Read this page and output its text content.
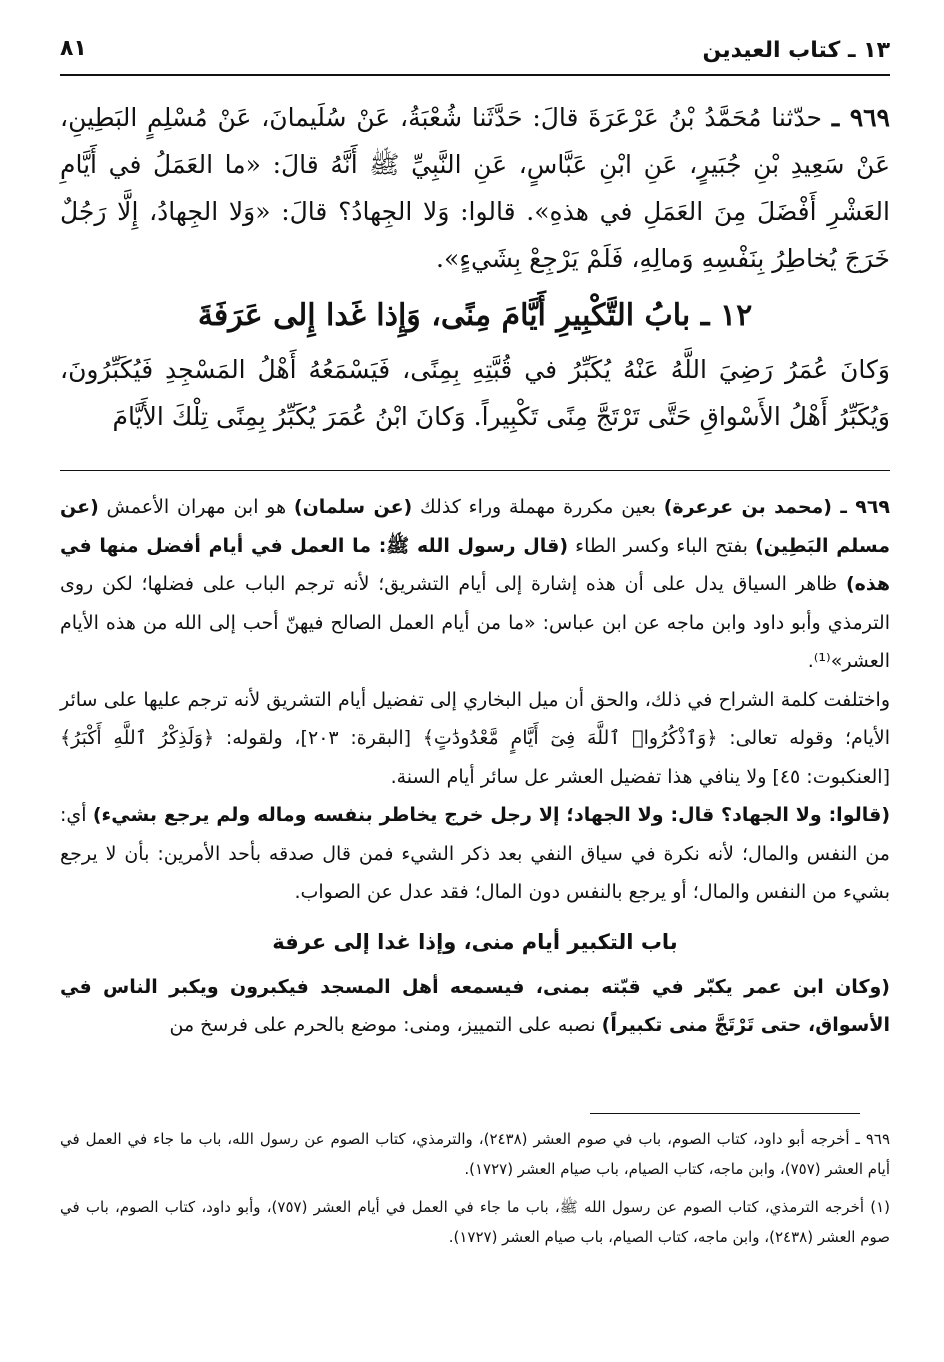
١٣ ـ كتاب العيدين
٨١

٩٦٩ ـ حدّثنا مُحَمَّدُ بْنُ عَرْعَرَةَ قالَ: حَدَّثَنا شُعْبَةُ، عَنْ سُلَيمانَ، عَنْ مُسْلِمٍ البَطِينِ، عَنْ سَعِيدِ بْنِ جُبَيرٍ، عَنِ ابْنِ عَبَّاسٍ، عَنِ النَّبِيِّ ﷺ أَنَّهُ قالَ: «ما العَمَلُ في أَيَّامِ العَشْرِ أَفْضَلَ مِنَ العَمَلِ في هذهِ». قالوا: وَلا الجِهادُ؟ قالَ: «وَلا الجِهادُ، إِلَّا رَجُلٌ خَرَجَ يُخاطِرُ بِنَفْسِهِ وَمالِهِ، فَلَمْ يَرْجِعْ بِشَيءٍ».

١٢ ـ بابُ التَّكْبِيرِ أَيَّامَ مِنًى، وَإِذا غَدا إِلى عَرَفَةَ

وَكانَ عُمَرُ رَضِيَ اللَّهُ عَنْهُ يُكَبِّرُ في قُبَّتِهِ بِمِنًى، فَيَسْمَعُهُ أَهْلُ المَسْجِدِ فَيُكَبِّرُونَ، وَيُكَبِّرُ أَهْلُ الأَسْواقِ حَتَّى تَرْتَجَّ مِنًى تَكْبِيراً. وَكانَ ابْنُ عُمَرَ يُكَبِّرُ بِمِنًى تِلْكَ الأَيَّامَ

٩٦٩ ـ (محمد بن عرعرة) بعين مكررة مهملة وراء كذلك (عن سلمان) هو ابن مهران الأعمش (عن مسلم البَطِين) بفتح الباء وكسر الطاء (قال رسول الله ﷺ: ما العمل في أيام أفضل منها في هذه) ظاهر السياق يدل على أن هذه إشارة إلى أيام التشريق؛ لأنه ترجم الباب على فضلها؛ لكن روى الترمذي وأبو داود وابن ماجه عن ابن عباس: «ما من أيام العمل الصالح فيهنّ أحب إلى الله من هذه الأيام العشر»⁽¹⁾.

واختلفت كلمة الشراح في ذلك، والحق أن ميل البخاري إلى تفضيل أيام التشريق لأنه ترجم عليها على سائر الأيام؛ وقوله تعالى: ﴿وَٱذْكُرُوا۟ ٱللَّهَ فِىٓ أَيَّامٍ مَّعْدُودَٰتٍ﴾ [البقرة: ٢٠٣]، ولقوله: ﴿وَلَذِكْرُ ٱللَّهِ أَكْبَرُ﴾ [العنكبوت: ٤٥] ولا ينافي هذا تفضيل العشر عل سائر أيام السنة.

(قالوا: ولا الجهاد؟ قال: ولا الجهاد؛ إلا رجل خرج يخاطر بنفسه وماله ولم يرجع بشيء) أي: من النفس والمال؛ لأنه نكرة في سياق النفي بعد ذكر الشيء فمن قال صدقه بأحد الأمرين: بأن لا يرجع بشيء من النفس والمال؛ أو يرجع بالنفس دون المال؛ فقد عدل عن الصواب.

باب التكبير أيام منى، وإذا غدا إلى عرفة

(وكان ابن عمر يكبّر في قبّته بمنى، فيسمعه أهل المسجد فيكبرون ويكبر الناس في الأسواق، حتى تَرْتَجَّ منى تكبيراً) نصبه على التمييز، ومنى: موضع بالحرم على فرسخ من

٩٦٩ ـ أخرجه أبو داود، كتاب الصوم، باب في صوم العشر (٢٤٣٨)، والترمذي، كتاب الصوم عن رسول الله، باب ما جاء في العمل في أيام العشر (٧٥٧)، وابن ماجه، كتاب الصيام، باب صيام العشر (١٧٢٧).

(١) أخرجه الترمذي، كتاب الصوم عن رسول الله ﷺ، باب ما جاء في العمل في أيام العشر (٧٥٧)، وأبو داود، كتاب الصوم، باب في صوم العشر (٢٤٣٨)، وابن ماجه، كتاب الصيام، باب صيام العشر (١٧٢٧).
